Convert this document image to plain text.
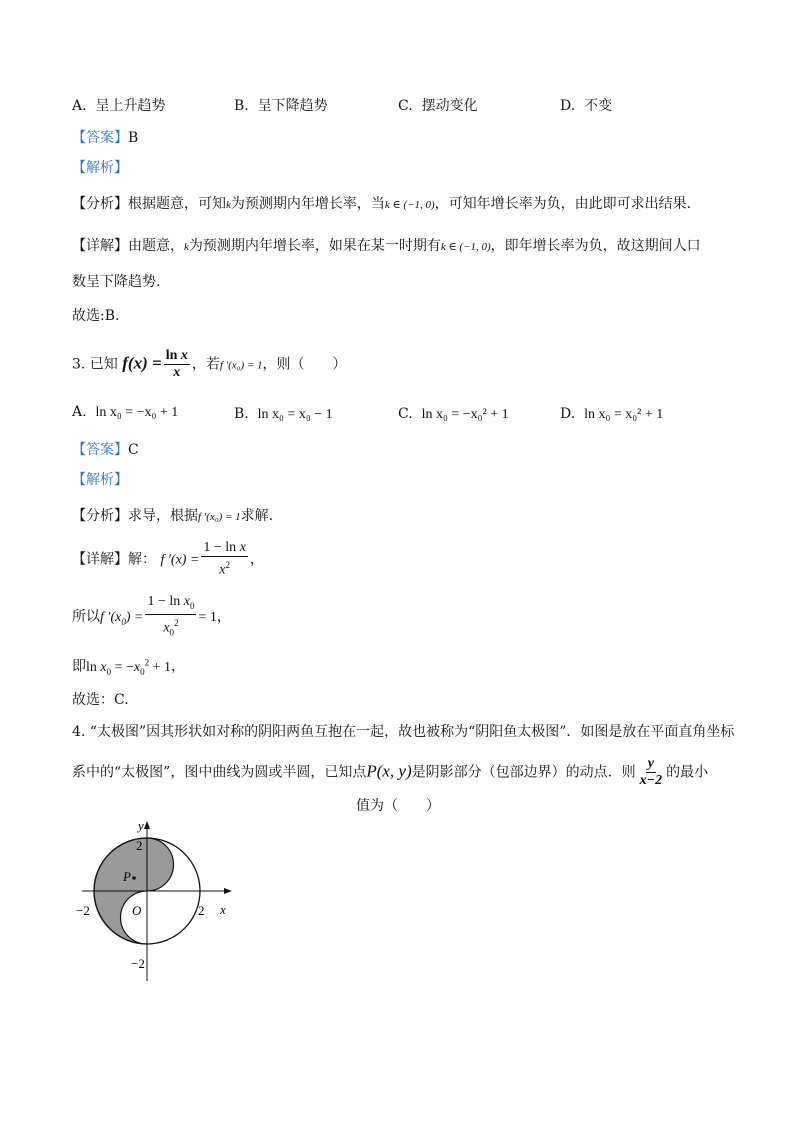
A. 呈上升趋势	B. 呈下降趋势	C. 摆动变化	D. 不变
【答案】B
【解析】
【分析】根据题意，可知k为预测期内年增长率，当k ∈ (−1, 0)，可知年增长率为负，由此即可求出结果.
【详解】由题意，k为预测期内年增长率，如果在某一时期有k ∈ (−1, 0)，即年增长率为负，故这期间人口
数呈下降趋势.
故选:B.
3. 已知 $f(x) = \frac{\text{ln x}}{x}$ ，若f ′(x₀) = 1，则（　　）
A. ln x₀ = −x₀ + 1	B. ln x₀ = x₀ − 1	C. ln x₀ = −x₀² + 1	D. ln x₀ = x₀² + 1
【答案】C
【解析】
【分析】求导，根据f ′(x₀) = 1求解.
【详解】解： f $'(x) = \frac{\text{1 − ln x}}{x^2}$ ，
所以f $'(x_0) = \frac{1 - \ln x_0}{x_0^2} = 1$，
即$\ln x_0 = -x_0^2 + 1$，
故选：C.
4. “太极图”因其形状如对称的阴阳两鱼互抱在一起，故也被称为“阴阳鱼太极图”．如图是放在平面直角坐标
系中的“太极图”，图中曲线为圆或半圆，已知点P(x, y)是阴影部分（包部边界）的动点．则 $\frac{y}{x-2}$ 的最小
值为（　　）
y
x
2
−2
−2	2
O
P
